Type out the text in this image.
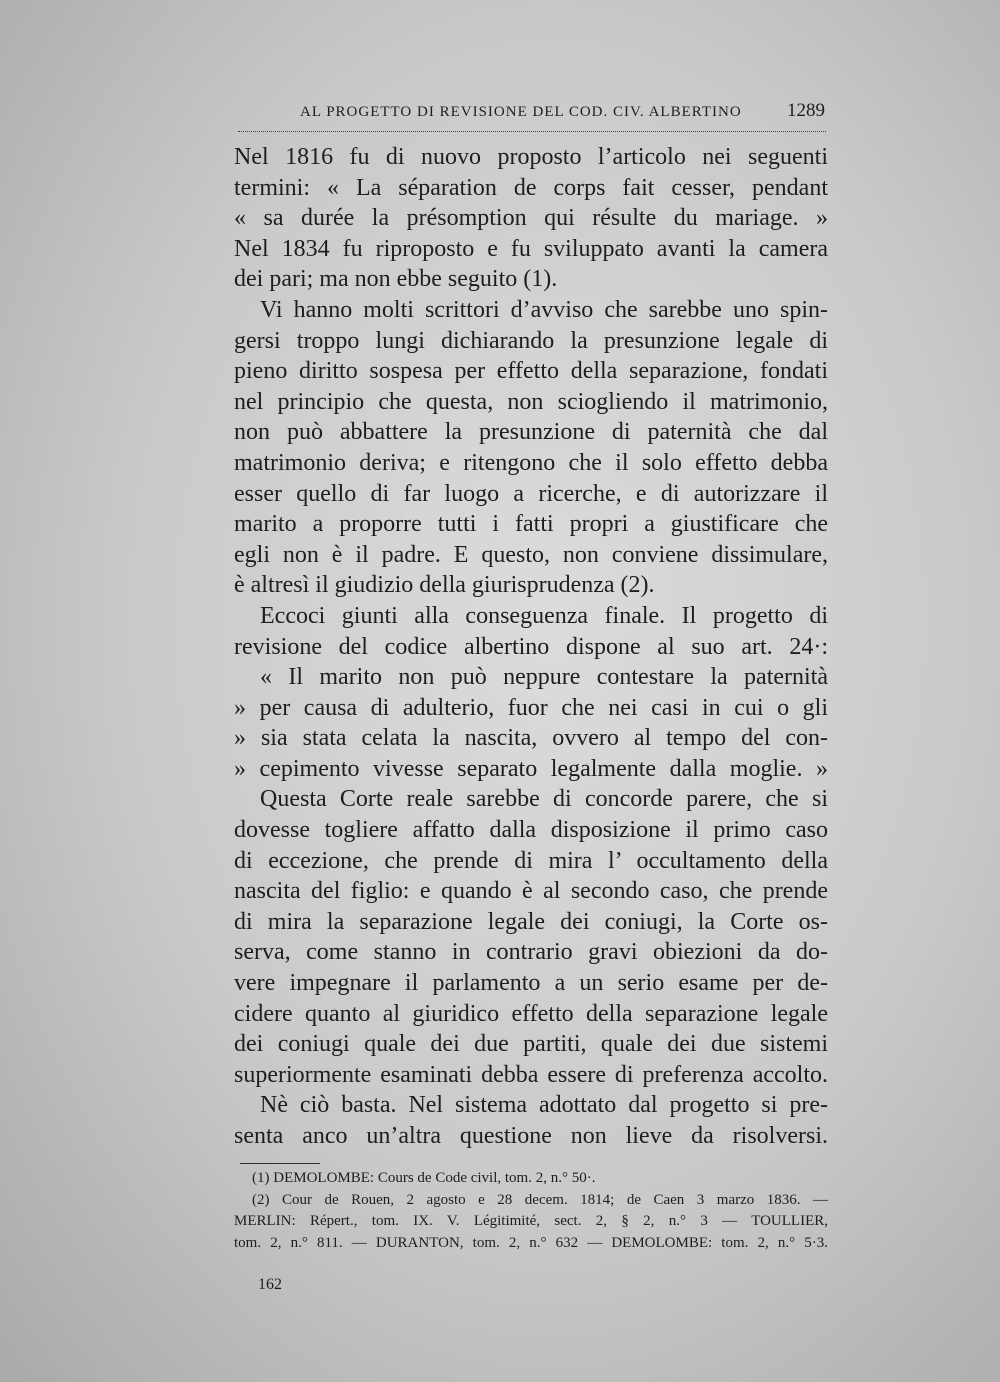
AL PROGETTO DI REVISIONE DEL COD. CIV. ALBERTINO 1289
Nel 1816 fu di nuovo proposto l’articolo nei seguenti
termini: « La séparation de corps fait cesser, pendant
« sa durée la présomption qui résulte du mariage. »
Nel 1834 fu riproposto e fu sviluppato avanti la camera
dei pari; ma non ebbe seguito (1).
Vi hanno molti scrittori d’avviso che sarebbe uno spin-
gersi troppo lungi dichiarando la presunzione legale di
pieno diritto sospesa per effetto della separazione, fondati
nel principio che questa, non sciogliendo il matrimonio,
non può abbattere la presunzione di paternità che dal
matrimonio deriva; e ritengono che il solo effetto debba
esser quello di far luogo a ricerche, e di autorizzare il
marito a proporre tutti i fatti propri a giustificare che
egli non è il padre. E questo, non conviene dissimulare,
è altresì il giudizio della giurisprudenza (2).
Eccoci giunti alla conseguenza finale. Il progetto di
revisione del codice albertino dispone al suo art. 24·:
« Il marito non può neppure contestare la paternità
» per causa di adulterio, fuor che nei casi in cui o gli
» sia stata celata la nascita, ovvero al tempo del con-
» cepimento vivesse separato legalmente dalla moglie. »
Questa Corte reale sarebbe di concorde parere, che si
dovesse togliere affatto dalla disposizione il primo caso
di eccezione, che prende di mira l’ occultamento della
nascita del figlio: e quando è al secondo caso, che prende
di mira la separazione legale dei coniugi, la Corte os-
serva, come stanno in contrario gravi obiezioni da do-
vere impegnare il parlamento a un serio esame per de-
cidere quanto al giuridico effetto della separazione legale
dei coniugi quale dei due partiti, quale dei due sistemi
superiormente esaminati debba essere di preferenza accolto.
Nè ciò basta. Nel sistema adottato dal progetto si pre-
senta anco un’altra questione non lieve da risolversi.
(1) DEMOLOMBE: Cours de Code civil, tom. 2, n.° 50·.
(2) Cour de Rouen, 2 agosto e 28 decem. 1814; de Caen 3 marzo 1836. —
MERLIN: Répert., tom. IX. V. Légitimité, sect. 2, § 2, n.° 3 — TOULLIER,
tom. 2, n.° 811. — DURANTON, tom. 2, n.° 632 — DEMOLOMBE: tom. 2, n.° 5·3.
162
